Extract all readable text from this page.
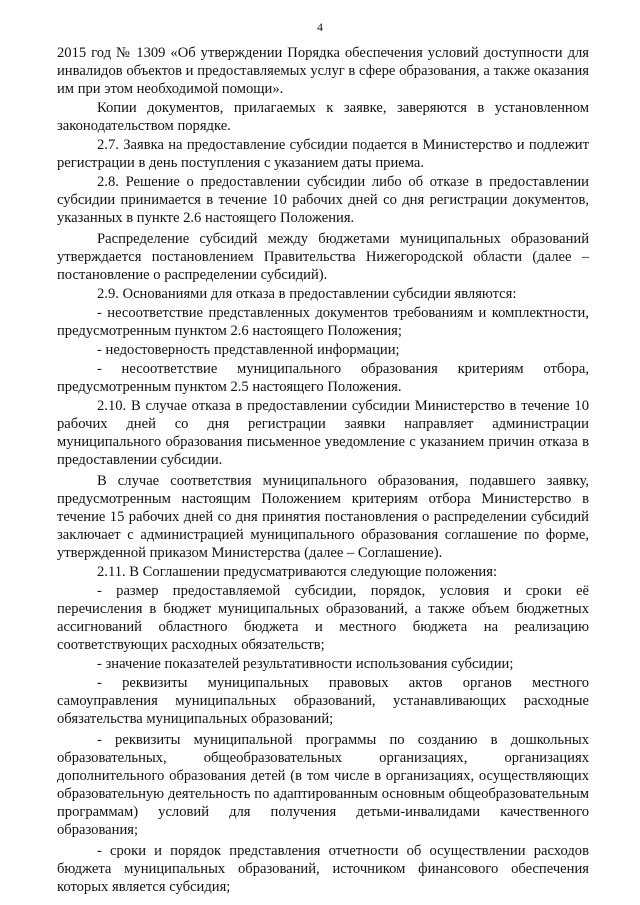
4

2015 год № 1309 «Об утверждении Порядка обеспечения условий доступности для инвалидов объектов и предоставляемых услуг в сфере образования, а также оказания им при этом необходимой помощи».

Копии документов, прилагаемых к заявке, заверяются в установленном законодательством порядке.

2.7. Заявка на предоставление субсидии подается в Министерство и подлежит регистрации в день поступления с указанием даты приема.

2.8. Решение о предоставлении субсидии либо об отказе в предоставлении субсидии принимается в течение 10 рабочих дней со дня регистрации документов, указанных в пункте 2.6 настоящего Положения.

Распределение субсидий между бюджетами муниципальных образований утверждается постановлением Правительства Нижегородской области (далее – постановление о распределении субсидий).

2.9. Основаниями для отказа в предоставлении субсидии являются:

- несоответствие представленных документов требованиям и комплектности, предусмотренным пунктом 2.6 настоящего Положения;

- недостоверность представленной информации;

- несоответствие муниципального образования критериям отбора, предусмотренным пунктом 2.5 настоящего Положения.

2.10. В случае отказа в предоставлении субсидии Министерство в течение 10 рабочих дней со дня регистрации заявки направляет администрации муниципального образования письменное уведомление с указанием причин отказа в предоставлении субсидии.

В случае соответствия муниципального образования, подавшего заявку, предусмотренным настоящим Положением критериям отбора Министерство в течение 15 рабочих дней со дня принятия постановления о распределении субсидий заключает с администрацией муниципального образования соглашение по форме, утвержденной приказом Министерства (далее – Соглашение).

2.11. В Соглашении предусматриваются следующие положения:

- размер предоставляемой субсидии, порядок, условия и сроки её перечисления в бюджет муниципальных образований, а также объем бюджетных ассигнований областного бюджета и местного бюджета на реализацию соответствующих расходных обязательств;

- значение показателей результативности использования субсидии;

- реквизиты муниципальных правовых актов органов местного самоуправления муниципальных образований, устанавливающих расходные обязательства муниципальных образований;

- реквизиты муниципальной программы по созданию в дошкольных образовательных, общеобразовательных организациях, организациях дополнительного образования детей (в том числе в организациях, осуществляющих образовательную деятельность по адаптированным основным общеобразовательным программам) условий для получения детьми-инвалидами качественного образования;

- сроки и порядок представления отчетности об осуществлении расходов бюджета муниципальных образований, источником финансового обеспечения которых является субсидия;
